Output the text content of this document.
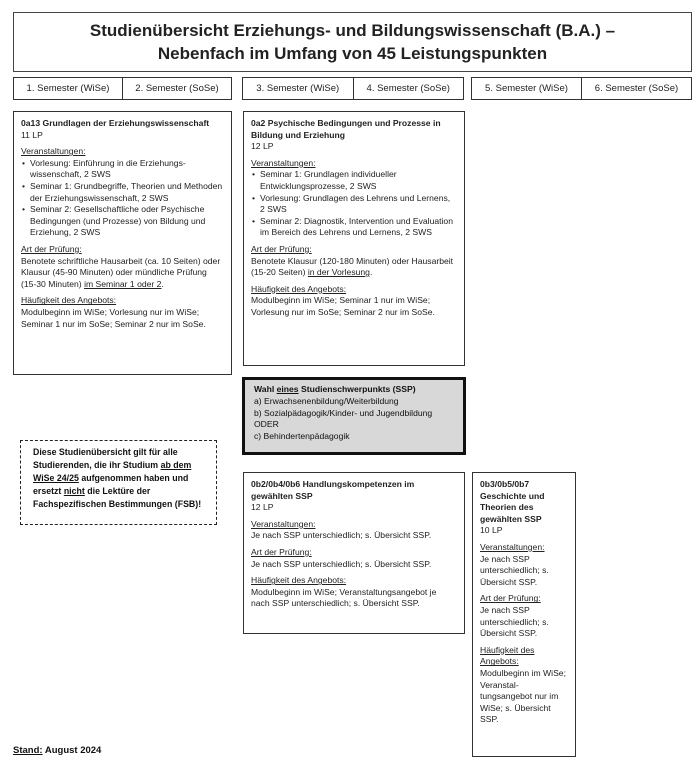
Studienübersicht Erziehungs- und Bildungswissenschaft (B.A.) –
Nebenfach im Umfang von 45 Leistungspunkten
1. Semester (WiSe)	2. Semester (SoSe)	3. Semester (WiSe)	4. Semester (SoSe)	5. Semester (WiSe)	6. Semester (SoSe)
0a13 Grundlagen der Erziehungswissenschaft
11 LP
Veranstaltungen:
• Vorlesung: Einführung in die Erziehungs-wissenschaft, 2 SWS
• Seminar 1: Grundbegriffe, Theorien und Methoden der Erziehungswissenschaft, 2 SWS
• Seminar 2: Gesellschaftliche oder Psychische Bedingungen (und Prozesse) von Bildung und Erziehung, 2 SWS
Art der Prüfung:
Benotete schriftliche Hausarbeit (ca. 10 Seiten) oder Klausur (45-90 Minuten) oder mündliche Prüfung (15-30 Minuten) im Seminar 1 oder 2.
Häufigkeit des Angebots:
Modulbeginn im WiSe; Vorlesung nur im WiSe; Seminar 1 nur im SoSe; Seminar 2 nur im SoSe.
0a2 Psychische Bedingungen und Prozesse in Bildung und Erziehung
12 LP
Veranstaltungen:
• Seminar 1: Grundlagen individueller Entwicklungsprozesse, 2 SWS
• Vorlesung: Grundlagen des Lehrens und Lernens, 2 SWS
• Seminar 2: Diagnostik, Intervention und Evaluation im Bereich des Lehrens und Lernens, 2 SWS
Art der Prüfung:
Benotete Klausur (120-180 Minuten) oder Hausarbeit (15-20 Seiten) in der Vorlesung.
Häufigkeit des Angebots:
Modulbeginn im WiSe; Seminar 1 nur im WiSe; Vorlesung nur im SoSe; Seminar 2 nur im SoSe.
Wahl eines Studienschwerpunkts (SSP)
a) Erwachsenenbildung/Weiterbildung
b) Sozialpädagogik/Kinder- und Jugendbildung
ODER
c) Behindertenpädagogik
Diese Studienübersicht gilt für alle Studierenden, die ihr Studium ab dem WiSe 24/25 aufgenommen haben und ersetzt nicht die Lektüre der Fachspezifischen Bestimmungen (FSB)!
0b2/0b4/0b6 Handlungskompetenzen im gewählten SSP
12 LP
Veranstaltungen:
Je nach SSP unterschiedlich; s. Übersicht SSP.
Art der Prüfung:
Je nach SSP unterschiedlich; s. Übersicht SSP.
Häufigkeit des Angebots:
Modulbeginn im WiSe; Veranstaltungsangebot je nach SSP unterschiedlich; s. Übersicht SSP.
0b3/0b5/0b7 Geschichte und Theorien des gewählten SSP
10 LP
Veranstaltungen:
Je nach SSP unterschiedlich; s. Übersicht SSP.
Art der Prüfung:
Je nach SSP unterschiedlich; s. Übersicht SSP.
Häufigkeit des Angebots:
Modulbeginn im WiSe; Veranstal-tungsangebot nur im WiSe; s. Übersicht SSP.
Stand: August 2024
